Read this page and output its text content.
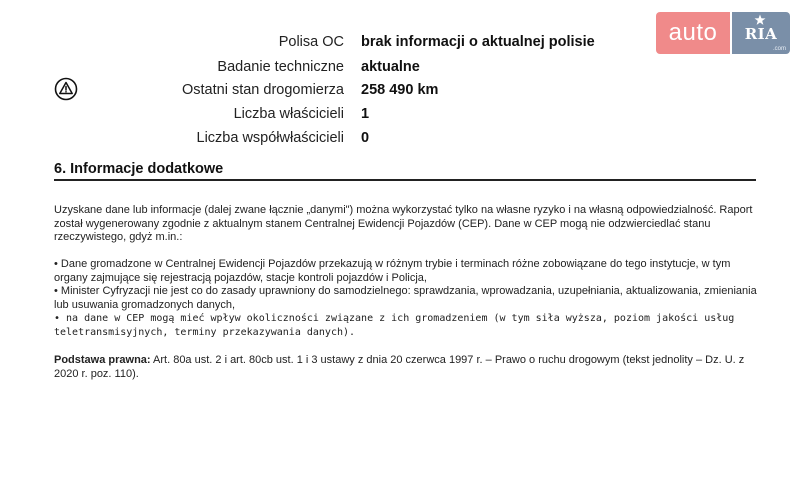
Polisa OC brak informacji o aktualnej polisie
Badanie techniczne aktualne
Ostatni stan drogomierza 258 490 km
Liczba właścicieli 1
Liczba współwłaścicieli 0
auto	RIA
.com
6. Informacje dodatkowe
Uzyskane dane lub informacje (dalej zwane łącznie „danymi") można wykorzystać tylko na własne ryzyko i na własną odpowiedzialność. Raport został wygenerowany zgodnie z aktualnym stanem Centralnej Ewidencji Pojazdów (CEP). Dane w CEP mogą nie odzwierciedlać stanu rzeczywistego, gdyż m.in.:
• Dane gromadzone w Centralnej Ewidencji Pojazdów przekazują w różnym trybie i terminach różne zobowiązane do tego instytucje, w tym organy zajmujące się rejestracją pojazdów, stacje kontroli pojazdów i Policja,
• Minister Cyfryzacji nie jest co do zasady uprawniony do samodzielnego: sprawdzania, wprowadzania, uzupełniania, aktualizowania, zmieniania lub usuwania gromadzonych danych,
• na dane w CEP mogą mieć wpływ okoliczności związane z ich gromadzeniem (w tym siła wyższa, poziom jakości usług teletransmisyjnych, terminy przekazywania danych).
Podstawa prawna: Art. 80a ust. 2 i art. 80cb ust. 1 i 3 ustawy z dnia 20 czerwca 1997 r. – Prawo o ruchu drogowym (tekst jednolity – Dz. U. z 2020 r. poz. 110).
